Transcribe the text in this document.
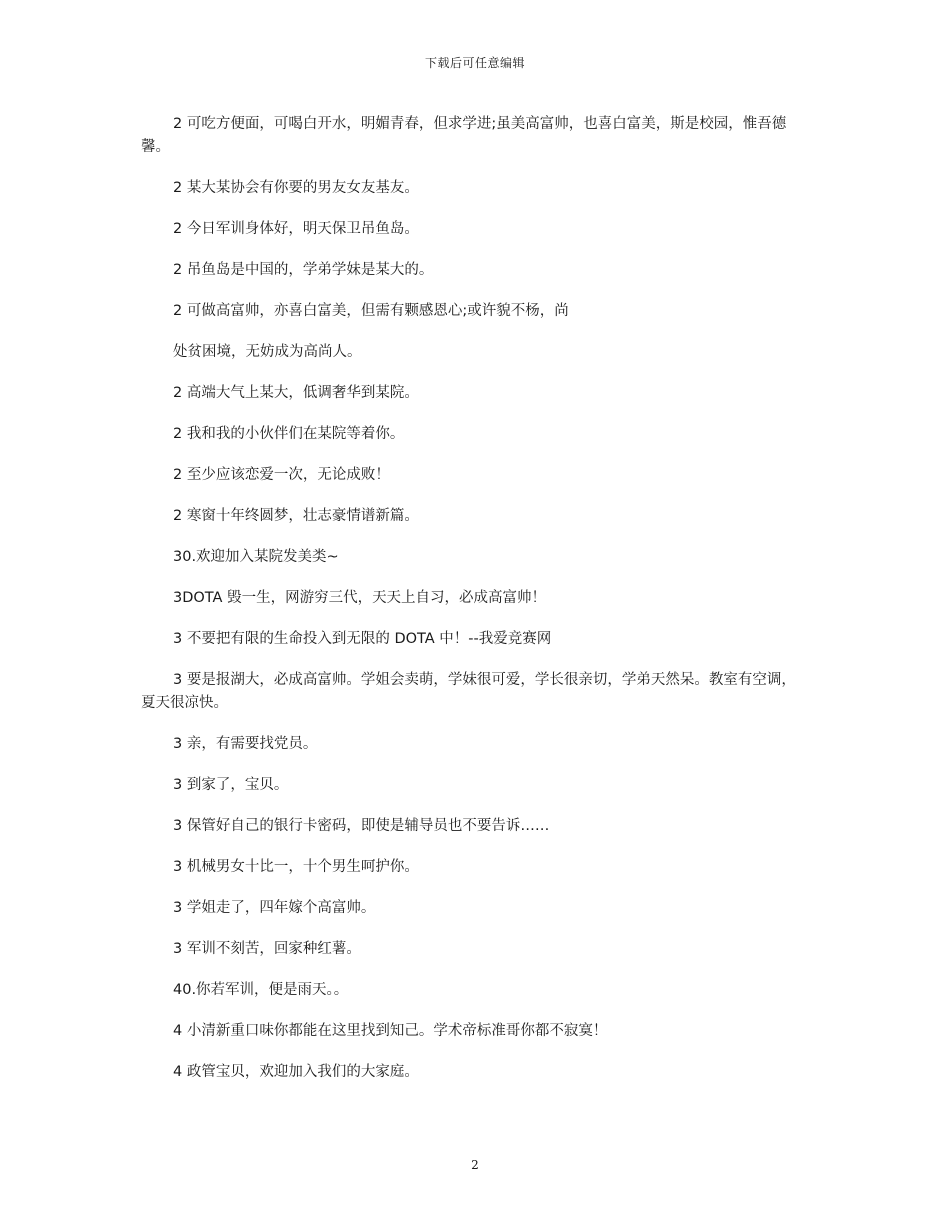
下载后可任意编辑

2 可吃方便面，可喝白开水，明媚青春，但求学进;虽美高富帅，也喜白富美，斯是校园，惟吾德馨。

2 某大某协会有你要的男友女友基友。

2 今日军训身体好，明天保卫吊鱼岛。

2 吊鱼岛是中国的，学弟学妹是某大的。

2 可做高富帅，亦喜白富美，但需有颗感恩心;或许貌不杨，尚

处贫困境，无妨成为高尚人。

2 高端大气上某大，低调奢华到某院。

2 我和我的小伙伴们在某院等着你。

2 至少应该恋爱一次，无论成败！

2 寒窗十年终圆梦，壮志豪情谱新篇。

30.欢迎加入某院发美类~

3DOTA 毁一生，网游穷三代，天天上自习，必成高富帅！

3 不要把有限的生命投入到无限的 DOTA 中！--我爱竞赛网

3 要是报湖大，必成高富帅。学姐会卖萌，学妹很可爱，学长很亲切，学弟天然呆。教室有空调，夏天很凉快。

3 亲，有需要找党员。

3 到家了，宝贝。

3 保管好自己的银行卡密码，即使是辅导员也不要告诉……

3 机械男女十比一，十个男生呵护你。

3 学姐走了，四年嫁个高富帅。

3 军训不刻苦，回家种红薯。

40.你若军训，便是雨天。。

4 小清新重口味你都能在这里找到知己。学术帝标准哥你都不寂寞！

4 政管宝贝，欢迎加入我们的大家庭。

2
